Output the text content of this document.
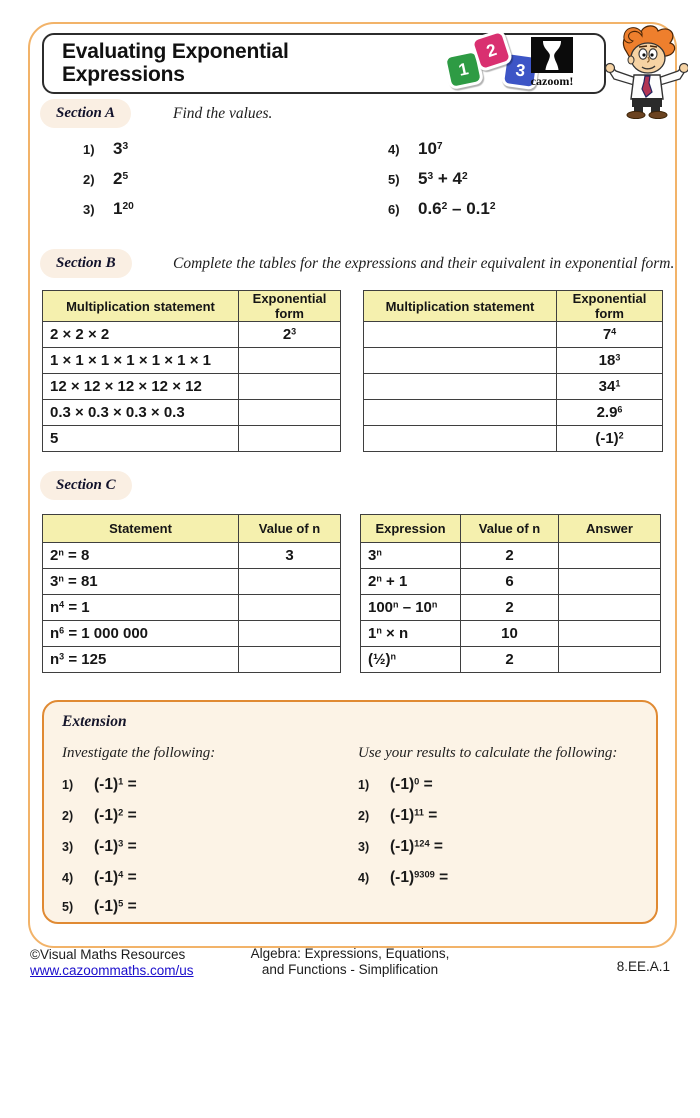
Evaluating Exponential
Expressions	1
2
3
cazoom!
Section A	Find the values.
1)	$3^3$
2)	$2^5$
3)	$1^{20}$
4)	$10^7$
5)	$5^3 + 4^2$
6)	$0.6^2 - 0.1^2$
Section B	Complete the tables for the expressions and their equivalent in exponential form.
Multiplication statement	Exponential form
2 × 2 × 2	$2^3$
1 × 1 × 1 × 1 × 1 × 1 × 1	
12 × 12 × 12 × 12 × 12	
0.3 × 0.3 × 0.3 × 0.3	
5	
Multiplication statement	Exponential form
	$7^4$
	$18^3$
	$34^1$
	$2.9^6$
	$(-1)^2$
Section C
Statement	Value of n
$2^n = 8$	3
$3^n = 81$	
$n^4 = 1$	
$n^6 = 1$ 000 000	
$n^3 = 125$	
Expression	Value of n	Answer
3$^n$	2	
$2^n + 1$	6	
100$^n$ – 10$^n$	2	
$1^n \times n$	10	
(½)$^n$	2	
Extension
Investigate the following:	Use your results to calculate the following:
1)	$(-1)^1$ =
2)	$(-1)^2$ =
3)	$(-1)^3$ =
4)	$(-1)^4$ =
5)	$(-1)^5$ =
1)	$(-1)^0$ =
2)	$(-1)^{11}$ =
3)	$(-1)^{124}$ =
4)	$(-1)^{9309}$ =
©Visual Maths Resources
www.cazoommaths.com/us
Algebra: Expressions, Equations,
and Functions - Simplification	8.EE.A.1
